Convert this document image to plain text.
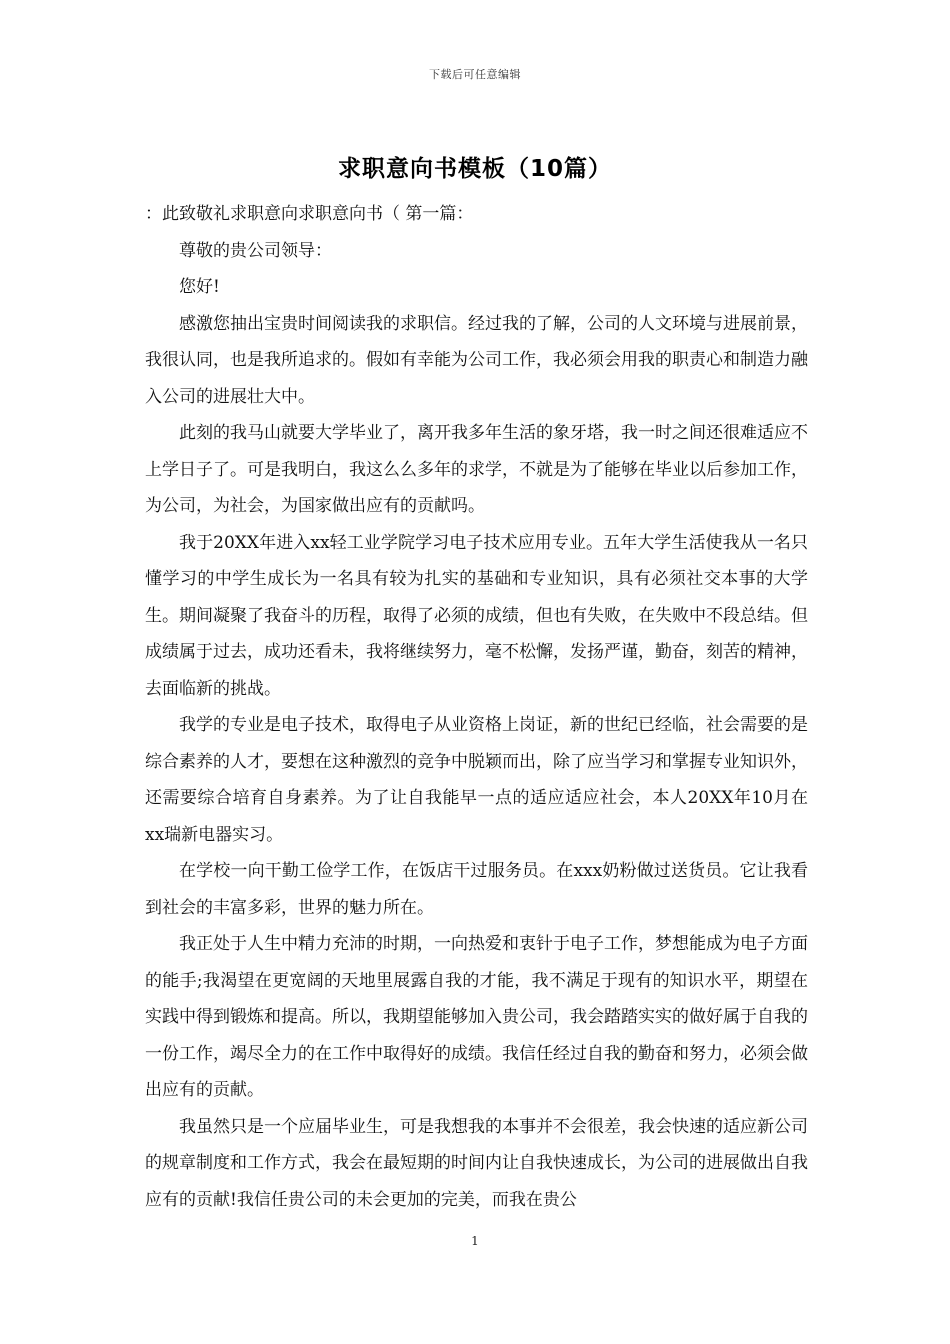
下载后可任意编辑
求职意向书模板（10篇）

：此致敬礼求职意向求职意向书（ 第一篇：

尊敬的贵公司领导：

您好!

感激您抽出宝贵时间阅读我的求职信。经过我的了解，公司的人文环境与进展前景，我很认同，也是我所追求的。假如有幸能为公司工作，我必须会用我的职责心和制造力融入公司的进展壮大中。

此刻的我马山就要大学毕业了，离开我多年生活的象牙塔，我一时之间还很难适应不上学日子了。可是我明白，我这么么多年的求学，不就是为了能够在毕业以后参加工作，为公司，为社会，为国家做出应有的贡献吗。

我于20XX年进入xx轻工业学院学习电子技术应用专业。五年大学生活使我从一名只懂学习的中学生成长为一名具有较为扎实的基础和专业知识，具有必须社交本事的大学生。期间凝聚了我奋斗的历程，取得了必须的成绩，但也有失败，在失败中不段总结。但成绩属于过去，成功还看未，我将继续努力，毫不松懈，发扬严谨，勤奋，刻苦的精神，去面临新的挑战。

我学的专业是电子技术，取得电子从业资格上岗证，新的世纪已经临，社会需要的是综合素养的人才，要想在这种激烈的竞争中脱颖而出，除了应当学习和掌握专业知识外，还需要综合培育自身素养。为了让自我能早一点的适应适应社会，本人20XX年10月在xx瑞新电器实习。

在学校一向干勤工俭学工作，在饭店干过服务员。在xxx奶粉做过送货员。它让我看到社会的丰富多彩，世界的魅力所在。

我正处于人生中精力充沛的时期，一向热爱和衷针于电子工作，梦想能成为电子方面的能手;我渴望在更宽阔的天地里展露自我的才能，我不满足于现有的知识水平，期望在实践中得到锻炼和提高。所以，我期望能够加入贵公司，我会踏踏实实的做好属于自我的一份工作，竭尽全力的在工作中取得好的成绩。我信任经过自我的勤奋和努力，必须会做出应有的贡献。

我虽然只是一个应届毕业生，可是我想我的本事并不会很差，我会快速的适应新公司的规章制度和工作方式，我会在最短期的时间内让自我快速成长，为公司的进展做出自我应有的贡献!我信任贵公司的未会更加的完美，而我在贵公

1
